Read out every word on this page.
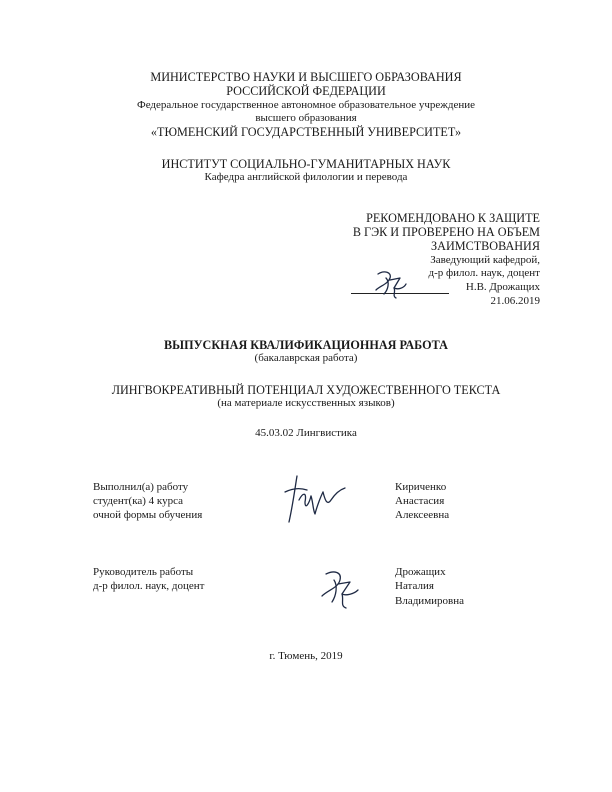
МИНИСТЕРСТВО НАУКИ И ВЫСШЕГО ОБРАЗОВАНИЯ
РОССИЙСКОЙ ФЕДЕРАЦИИ
Федеральное государственное автономное образовательное учреждение
высшего образования
«ТЮМЕНСКИЙ ГОСУДАРСТВЕННЫЙ УНИВЕРСИТЕТ»
ИНСТИТУТ СОЦИАЛЬНО-ГУМАНИТАРНЫХ НАУК
Кафедра английской филологии и перевода
РЕКОМЕНДОВАНО К ЗАЩИТЕ
В ГЭК И ПРОВЕРЕНО НА ОБЪЕМ
ЗАИМСТВОВАНИЯ
Заведующий кафедрой,
д-р филол. наук, доцент
Н.В. Дрожащих
21.06.2019
ВЫПУСКНАЯ КВАЛИФИКАЦИОННАЯ РАБОТА
(бакалаврская работа)
ЛИНГВОКРЕАТИВНЫЙ ПОТЕНЦИАЛ ХУДОЖЕСТВЕННОГО ТЕКСТА
(на материале искусственных языков)
45.03.02 Лингвистика
Выполнил(а) работу
студент(ка) 4 курса
очной формы обучения
Кириченко
Анастасия
Алексеевна
Руководитель работы
д-р филол. наук, доцент
Дрожащих
Наталия
Владимировна
г. Тюмень, 2019
